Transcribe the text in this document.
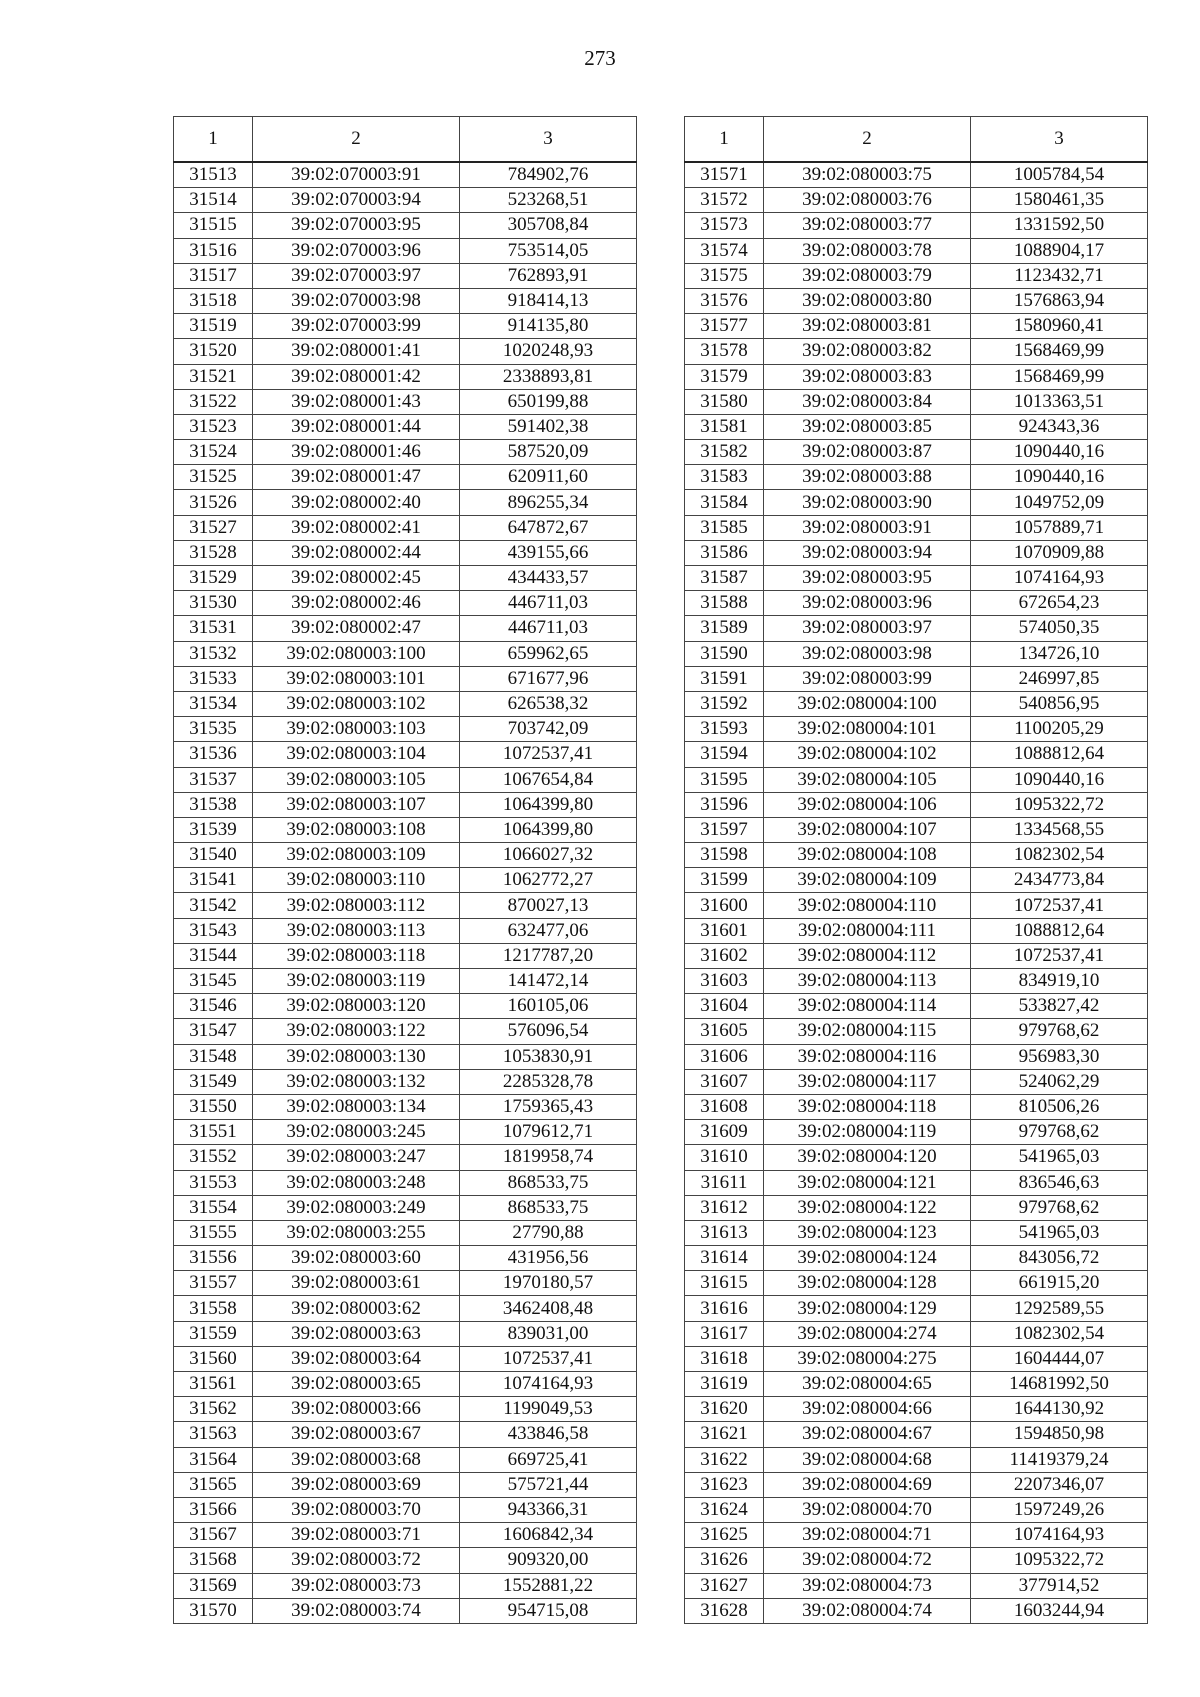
273
1	2	3
31513	39:02:070003:91	784902,76
31514	39:02:070003:94	523268,51
31515	39:02:070003:95	305708,84
31516	39:02:070003:96	753514,05
31517	39:02:070003:97	762893,91
31518	39:02:070003:98	918414,13
31519	39:02:070003:99	914135,80
31520	39:02:080001:41	1020248,93
31521	39:02:080001:42	2338893,81
31522	39:02:080001:43	650199,88
31523	39:02:080001:44	591402,38
31524	39:02:080001:46	587520,09
31525	39:02:080001:47	620911,60
31526	39:02:080002:40	896255,34
31527	39:02:080002:41	647872,67
31528	39:02:080002:44	439155,66
31529	39:02:080002:45	434433,57
31530	39:02:080002:46	446711,03
31531	39:02:080002:47	446711,03
31532	39:02:080003:100	659962,65
31533	39:02:080003:101	671677,96
31534	39:02:080003:102	626538,32
31535	39:02:080003:103	703742,09
31536	39:02:080003:104	1072537,41
31537	39:02:080003:105	1067654,84
31538	39:02:080003:107	1064399,80
31539	39:02:080003:108	1064399,80
31540	39:02:080003:109	1066027,32
31541	39:02:080003:110	1062772,27
31542	39:02:080003:112	870027,13
31543	39:02:080003:113	632477,06
31544	39:02:080003:118	1217787,20
31545	39:02:080003:119	141472,14
31546	39:02:080003:120	160105,06
31547	39:02:080003:122	576096,54
31548	39:02:080003:130	1053830,91
31549	39:02:080003:132	2285328,78
31550	39:02:080003:134	1759365,43
31551	39:02:080003:245	1079612,71
31552	39:02:080003:247	1819958,74
31553	39:02:080003:248	868533,75
31554	39:02:080003:249	868533,75
31555	39:02:080003:255	27790,88
31556	39:02:080003:60	431956,56
31557	39:02:080003:61	1970180,57
31558	39:02:080003:62	3462408,48
31559	39:02:080003:63	839031,00
31560	39:02:080003:64	1072537,41
31561	39:02:080003:65	1074164,93
31562	39:02:080003:66	1199049,53
31563	39:02:080003:67	433846,58
31564	39:02:080003:68	669725,41
31565	39:02:080003:69	575721,44
31566	39:02:080003:70	943366,31
31567	39:02:080003:71	1606842,34
31568	39:02:080003:72	909320,00
31569	39:02:080003:73	1552881,22
31570	39:02:080003:74	954715,08
1	2	3
31571	39:02:080003:75	1005784,54
31572	39:02:080003:76	1580461,35
31573	39:02:080003:77	1331592,50
31574	39:02:080003:78	1088904,17
31575	39:02:080003:79	1123432,71
31576	39:02:080003:80	1576863,94
31577	39:02:080003:81	1580960,41
31578	39:02:080003:82	1568469,99
31579	39:02:080003:83	1568469,99
31580	39:02:080003:84	1013363,51
31581	39:02:080003:85	924343,36
31582	39:02:080003:87	1090440,16
31583	39:02:080003:88	1090440,16
31584	39:02:080003:90	1049752,09
31585	39:02:080003:91	1057889,71
31586	39:02:080003:94	1070909,88
31587	39:02:080003:95	1074164,93
31588	39:02:080003:96	672654,23
31589	39:02:080003:97	574050,35
31590	39:02:080003:98	134726,10
31591	39:02:080003:99	246997,85
31592	39:02:080004:100	540856,95
31593	39:02:080004:101	1100205,29
31594	39:02:080004:102	1088812,64
31595	39:02:080004:105	1090440,16
31596	39:02:080004:106	1095322,72
31597	39:02:080004:107	1334568,55
31598	39:02:080004:108	1082302,54
31599	39:02:080004:109	2434773,84
31600	39:02:080004:110	1072537,41
31601	39:02:080004:111	1088812,64
31602	39:02:080004:112	1072537,41
31603	39:02:080004:113	834919,10
31604	39:02:080004:114	533827,42
31605	39:02:080004:115	979768,62
31606	39:02:080004:116	956983,30
31607	39:02:080004:117	524062,29
31608	39:02:080004:118	810506,26
31609	39:02:080004:119	979768,62
31610	39:02:080004:120	541965,03
31611	39:02:080004:121	836546,63
31612	39:02:080004:122	979768,62
31613	39:02:080004:123	541965,03
31614	39:02:080004:124	843056,72
31615	39:02:080004:128	661915,20
31616	39:02:080004:129	1292589,55
31617	39:02:080004:274	1082302,54
31618	39:02:080004:275	1604444,07
31619	39:02:080004:65	14681992,50
31620	39:02:080004:66	1644130,92
31621	39:02:080004:67	1594850,98
31622	39:02:080004:68	11419379,24
31623	39:02:080004:69	2207346,07
31624	39:02:080004:70	1597249,26
31625	39:02:080004:71	1074164,93
31626	39:02:080004:72	1095322,72
31627	39:02:080004:73	377914,52
31628	39:02:080004:74	1603244,94
